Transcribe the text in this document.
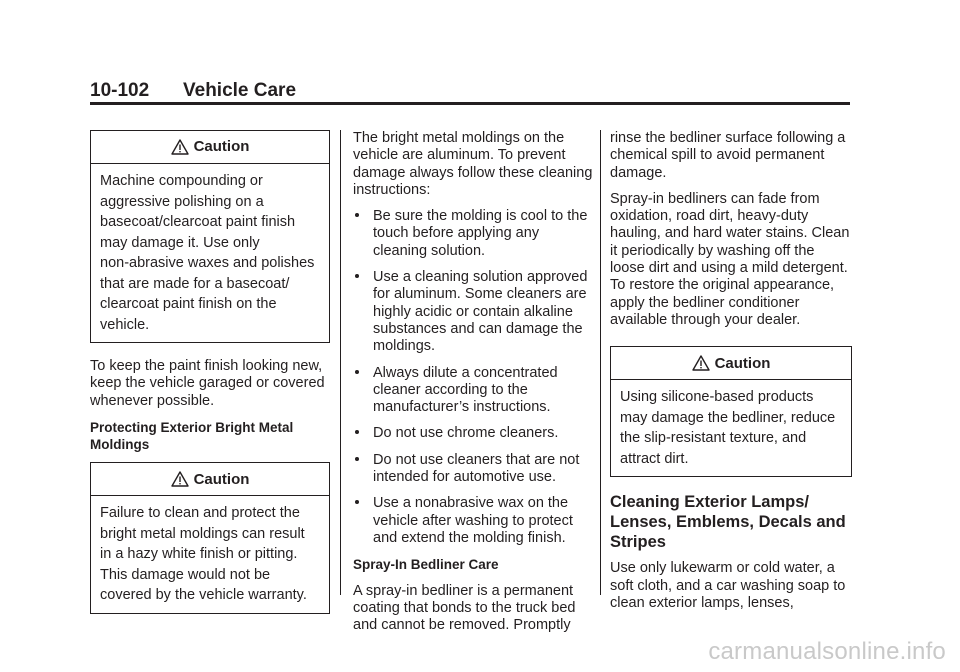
10-102 Vehicle Care
Caution
Machine compounding or
aggressive polishing on a
basecoat/clearcoat paint finish
may damage it. Use only
non-abrasive waxes and polishes
that are made for a basecoat/
clearcoat paint finish on the
vehicle.

To keep the paint finish looking new, keep the vehicle garaged or covered whenever possible.

Protecting Exterior Bright Metal Moldings

Caution
Failure to clean and protect the
bright metal moldings can result
in a hazy white finish or pitting.
This damage would not be
covered by the vehicle warranty.

The bright metal moldings on the vehicle are aluminum. To prevent damage always follow these cleaning instructions:

Be sure the molding is cool to the touch before applying any cleaning solution.
Use a cleaning solution approved for aluminum. Some cleaners are highly acidic or contain alkaline substances and can damage the moldings.
Always dilute a concentrated cleaner according to the manufacturer’s instructions.
Do not use chrome cleaners.
Do not use cleaners that are not intended for automotive use.
Use a nonabrasive wax on the vehicle after washing to protect and extend the molding finish.

Spray-In Bedliner Care

A spray-in bedliner is a permanent coating that bonds to the truck bed and cannot be removed. Promptly

rinse the bedliner surface following a chemical spill to avoid permanent damage.

Spray-in bedliners can fade from oxidation, road dirt, heavy-duty hauling, and hard water stains. Clean it periodically by washing off the loose dirt and using a mild detergent. To restore the original appearance, apply the bedliner conditioner available through your dealer.

Caution
Using silicone-based products
may damage the bedliner, reduce
the slip-resistant texture, and
attract dirt.
Cleaning Exterior Lamps/ Lenses, Emblems, Decals and Stripes

Use only lukewarm or cold water, a soft cloth, and a car washing soap to clean exterior lamps, lenses,

carmanualsonline.info
